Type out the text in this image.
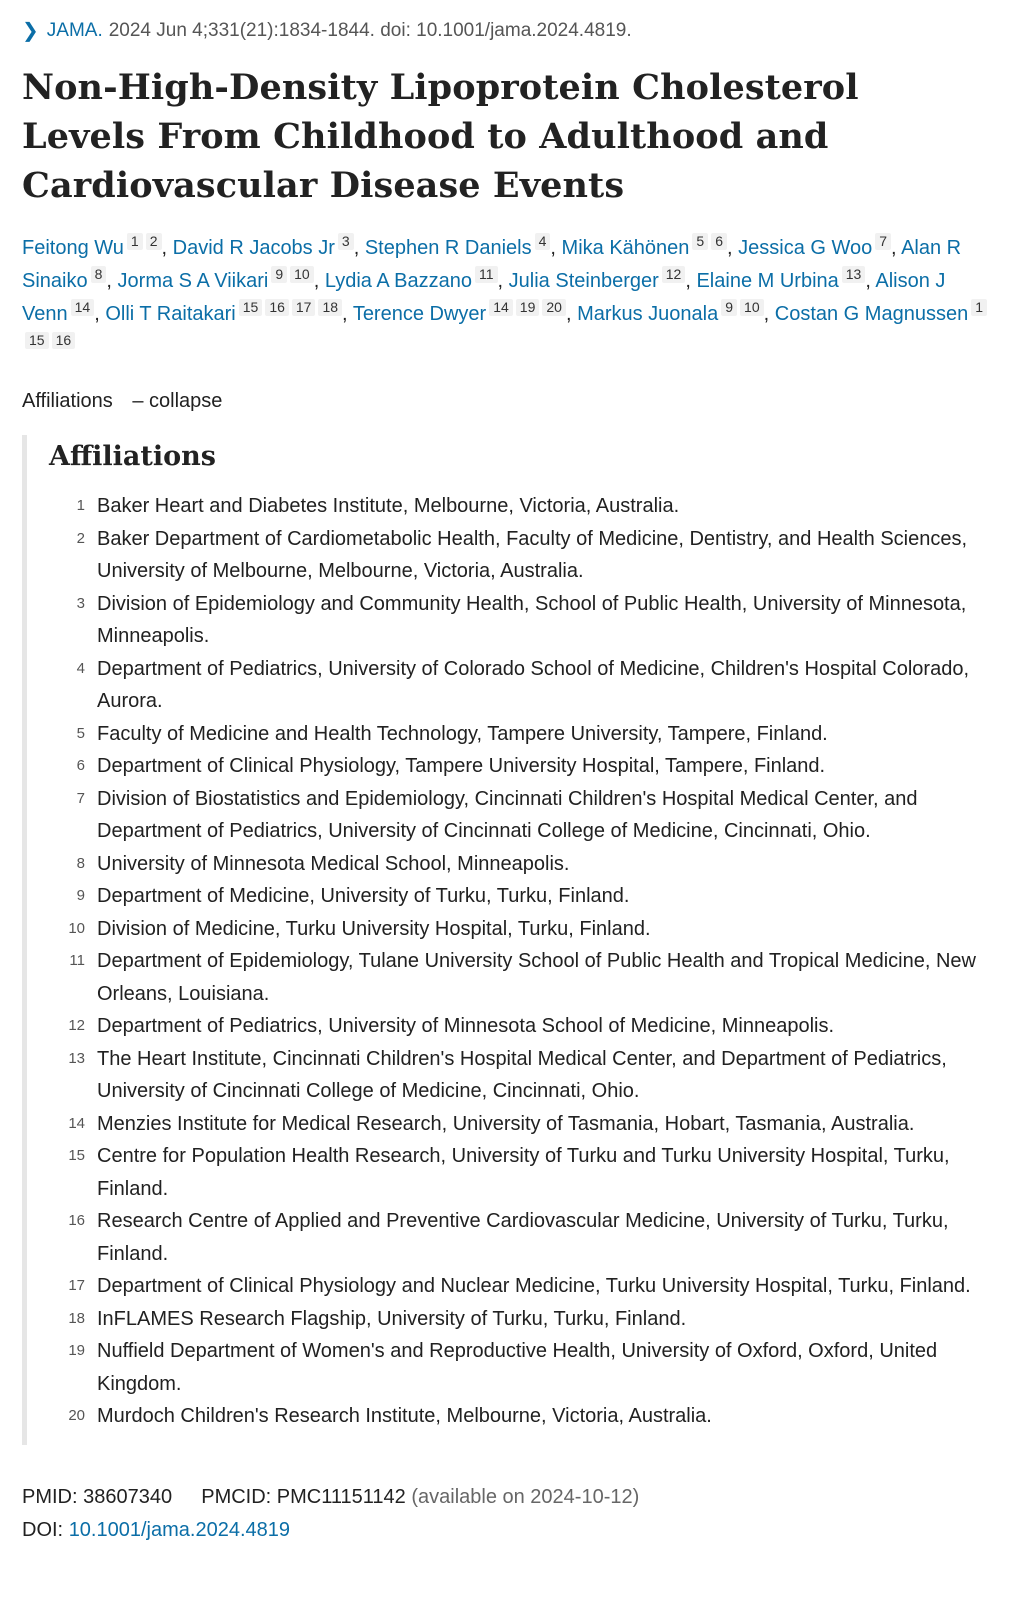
❯ JAMA. 2024 Jun 4;331(21):1834-1844. doi: 10.1001/jama.2024.4819.
Non-High-Density Lipoprotein Cholesterol Levels From Childhood to Adulthood and Cardiovascular Disease Events
Feitong Wu 1 2 , David R Jacobs Jr 3 , Stephen R Daniels 4 , Mika Kähönen 5 6 , Jessica G Woo 7 , Alan R Sinaiko 8 , Jorma S A Viikari 9 10 , Lydia A Bazzano 11 , Julia Steinberger 12 , Elaine M Urbina 13 , Alison J Venn 14 , Olli T Raitakari 15 16 17 18 , Terence Dwyer 14 19 20 , Markus Juonala 9 10 , Costan G Magnussen 115 16
Affiliations – collapse
Affiliations
1 Baker Heart and Diabetes Institute, Melbourne, Victoria, Australia.
2 Baker Department of Cardiometabolic Health, Faculty of Medicine, Dentistry, and Health Sciences, University of Melbourne, Melbourne, Victoria, Australia.
3 Division of Epidemiology and Community Health, School of Public Health, University of Minnesota, Minneapolis.
4 Department of Pediatrics, University of Colorado School of Medicine, Children's Hospital Colorado, Aurora.
5 Faculty of Medicine and Health Technology, Tampere University, Tampere, Finland.
6 Department of Clinical Physiology, Tampere University Hospital, Tampere, Finland.
7 Division of Biostatistics and Epidemiology, Cincinnati Children's Hospital Medical Center, and Department of Pediatrics, University of Cincinnati College of Medicine, Cincinnati, Ohio.
8 University of Minnesota Medical School, Minneapolis.
9 Department of Medicine, University of Turku, Turku, Finland.
10 Division of Medicine, Turku University Hospital, Turku, Finland.
11 Department of Epidemiology, Tulane University School of Public Health and Tropical Medicine, New Orleans, Louisiana.
12 Department of Pediatrics, University of Minnesota School of Medicine, Minneapolis.
13 The Heart Institute, Cincinnati Children's Hospital Medical Center, and Department of Pediatrics, University of Cincinnati College of Medicine, Cincinnati, Ohio.
14 Menzies Institute for Medical Research, University of Tasmania, Hobart, Tasmania, Australia.
15 Centre for Population Health Research, University of Turku and Turku University Hospital, Turku, Finland.
16 Research Centre of Applied and Preventive Cardiovascular Medicine, University of Turku, Turku, Finland.
17 Department of Clinical Physiology and Nuclear Medicine, Turku University Hospital, Turku, Finland.
18 InFLAMES Research Flagship, University of Turku, Turku, Finland.
19 Nuffield Department of Women's and Reproductive Health, University of Oxford, Oxford, United Kingdom.
20 Murdoch Children's Research Institute, Melbourne, Victoria, Australia.
PMID: 38607340 PMCID: PMC11151142 (available on 2024-10-12)
DOI: 10.1001/jama.2024.4819
